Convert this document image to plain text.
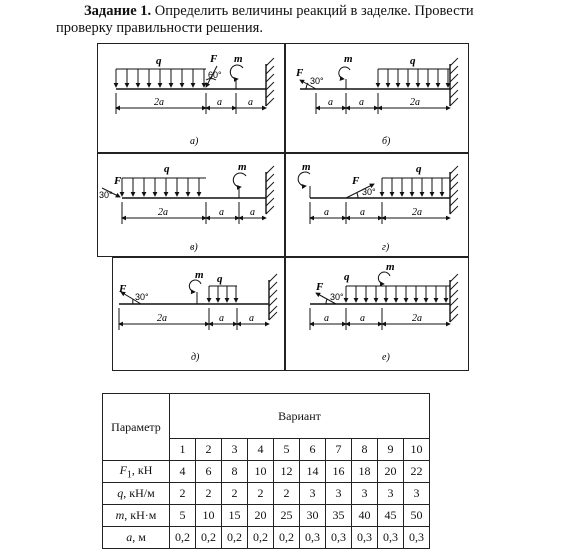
Задание 1. Определить величины реакций в заделке. Провести
проверку правильности решения.
q	F m
60°
2a	a	a
а)
F
30°
m	q
a	a	2a
б)
F
30°
q	m
2a	a	a
в)
m
F
30°
q
a	a	2a
г)
F
30°
m q
2a	a	a
д)
F
30°
q
m
a	a	2a
е)
Параметр	Вариант									
	1	2	3	4	5	6	7	8	9	10
$F_1$, кН	4	6	8	10	12	14	16	18	20	22
q, кН/м	2	2	2	2	2	3	3	3	3	3
m, кН·м	5	10	15	20	25	30	35	40	45	50
a, м	0,2	0,2	0,2	0,2	0,2	0,3	0,3	0,3	0,3	0,3
